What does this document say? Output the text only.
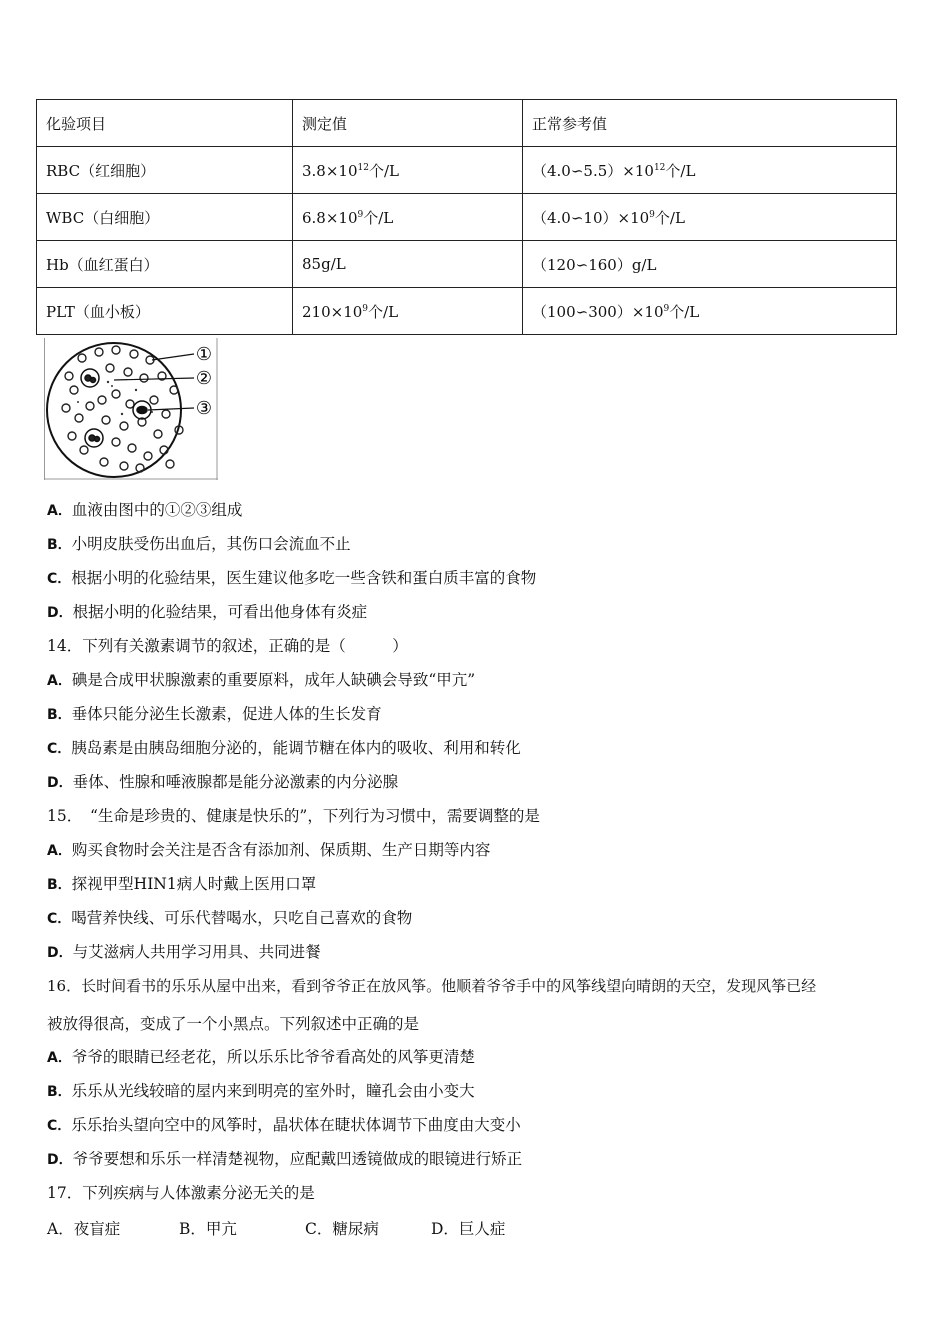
化验项目	测定值	正常参考值
RBC（红细胞）	$3.8\times 10^{12}$个/L	$(4.0∽5.5)\times 10^{12}$个/L
WBC（白细胞）	$6.8\times 10^9$个/L	$(4.0∽10)\times 10^9$个/L
Hb（血红蛋白）	85g/L	（120∽160）g/L
PLT（血小板）	$210\times 10^9$个/L	$(100∽300)\times 10^9$个/L
①
②
③
A．血液由图中的①②③组成
B．小明皮肤受伤出血后，其伤口会流血不止
C．根据小明的化验结果，医生建议他多吃一些含铁和蛋白质丰富的食物
D．根据小明的化验结果，可看出他身体有炎症
14．下列有关激素调节的叙述，正确的是（　　　）
A．碘是合成甲状腺激素的重要原料，成年人缺碘会导致“甲亢”
B．垂体只能分泌生长激素，促进人体的生长发育
C．胰岛素是由胰岛细胞分泌的，能调节糖在体内的吸收、利用和转化
D．垂体、性腺和唾液腺都是能分泌激素的内分泌腺
15．　“生命是珍贵的、健康是快乐的”，下列行为习惯中，需要调整的是
A．购买食物时会关注是否含有添加剂、保质期、生产日期等内容
B．探视甲型HIN1病人时戴上医用口罩
C．喝营养快线、可乐代替喝水，只吃自己喜欢的食物
D．与艾滋病人共用学习用具、共同进餐
16．长时间看书的乐乐从屋中出来，看到爷爷正在放风筝。他顺着爷爷手中的风筝线望向晴朗的天空，发现风筝已经
被放得很高，变成了一个小黑点。下列叙述中正确的是
A．爷爷的眼睛已经老花，所以乐乐比爷爷看高处的风筝更清楚
B．乐乐从光线较暗的屋内来到明亮的室外时，瞳孔会由小变大
C．乐乐抬头望向空中的风筝时，晶状体在睫状体调节下曲度由大变小
D．爷爷要想和乐乐一样清楚视物，应配戴凹透镜做成的眼镜进行矫正
17．下列疾病与人体激素分泌无关的是
A．夜盲症	B．甲亢	C．糖尿病	D．巨人症
